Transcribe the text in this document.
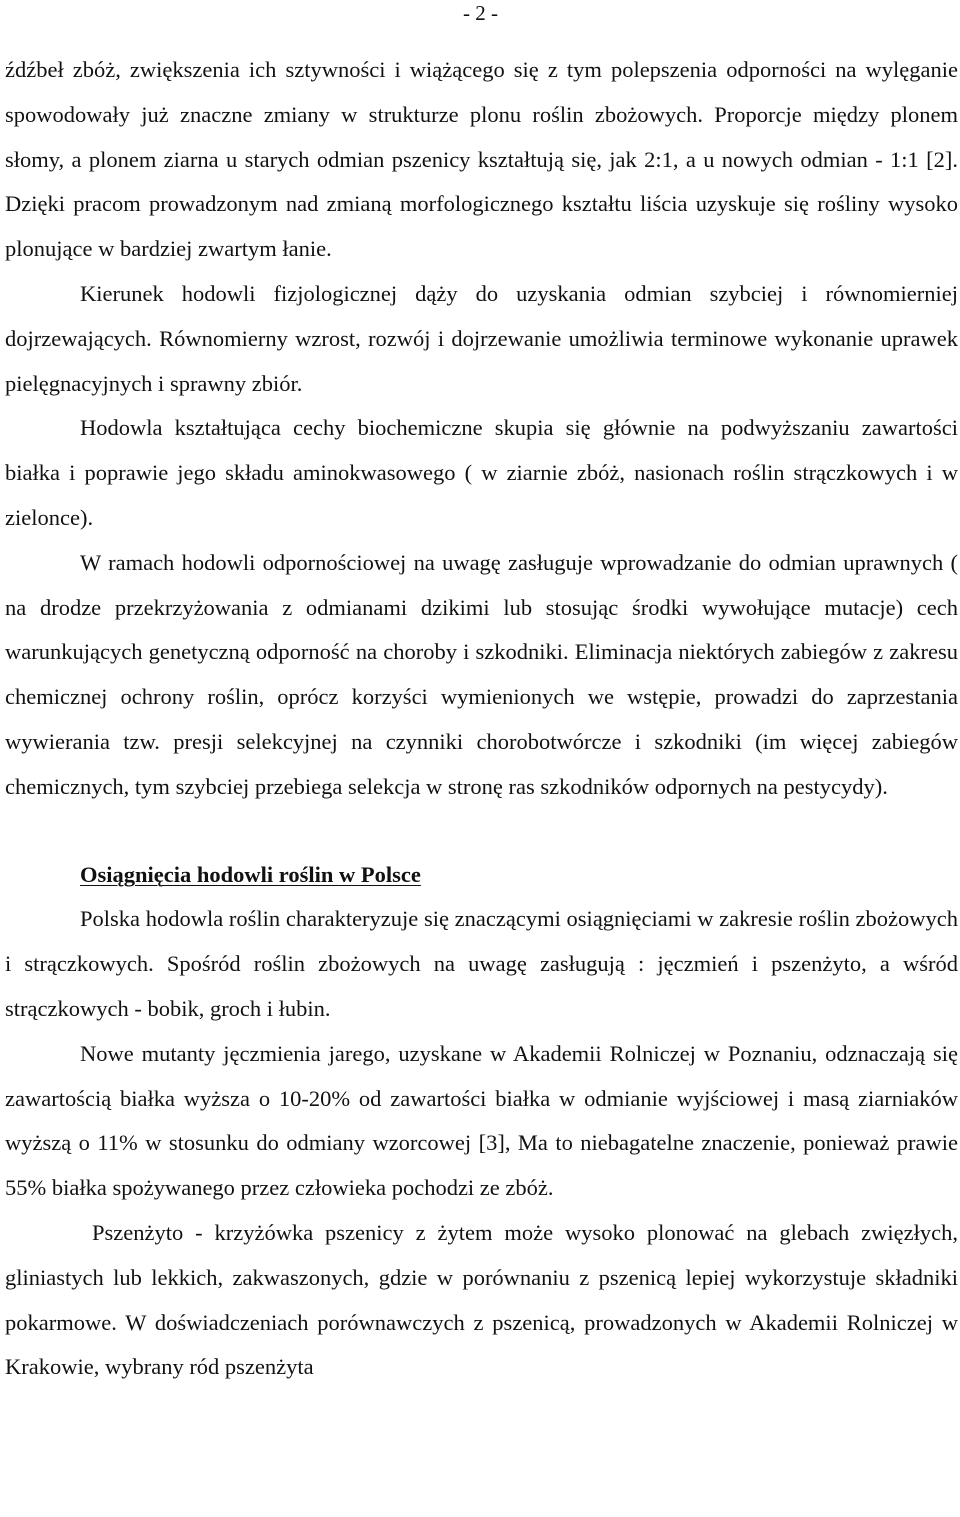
- 2 -

źdźbeł zbóż, zwiększenia ich sztywności i wiążącego się z tym polepszenia odporności na wylęganie spowodowały już znaczne zmiany w strukturze plonu roślin zbożowych. Proporcje między plonem słomy, a plonem ziarna u starych odmian pszenicy kształtują się, jak 2:1, a u nowych odmian - 1:1 [2]. Dzięki pracom prowadzonym nad zmianą morfologicznego kształtu liścia uzyskuje się rośliny wysoko plonujące w bardziej zwartym łanie.

Kierunek hodowli fizjologicznej dąży do uzyskania odmian szybciej i równomierniej dojrzewających. Równomierny wzrost, rozwój i dojrzewanie umożliwia terminowe wykonanie uprawek pielęgnacyjnych i sprawny zbiór.

Hodowla kształtująca cechy biochemiczne skupia się głównie na podwyższaniu zawartości białka i poprawie jego składu aminokwasowego ( w ziarnie zbóż, nasionach roślin strączkowych i w zielonce).

W ramach hodowli odpornościowej na uwagę zasługuje wprowadzanie do odmian uprawnych ( na drodze przekrzyżowania z odmianami dzikimi lub stosując środki wywołujące mutacje) cech warunkujących genetyczną odporność na choroby i szkodniki. Eliminacja niektórych zabiegów z zakresu chemicznej ochrony roślin, oprócz korzyści wymienionych we wstępie, prowadzi do zaprzestania wywierania tzw. presji selekcyjnej na czynniki chorobotwórcze i szkodniki (im więcej zabiegów chemicznych, tym szybciej przebiega selekcja w stronę ras szkodników odpornych na pestycydy).

Osiągnięcia hodowli roślin w Polsce

Polska hodowla roślin charakteryzuje się znaczącymi osiągnięciami w zakresie roślin zbożowych i strączkowych. Spośród roślin zbożowych na uwagę zasługują : jęczmień i pszenżyto, a wśród strączkowych - bobik, groch i łubin.

Nowe mutanty jęczmienia jarego, uzyskane w Akademii Rolniczej w Poznaniu, odznaczają się zawartością białka wyższa o 10-20% od zawartości białka w odmianie wyjściowej i masą ziarniaków wyższą o 11% w stosunku do odmiany wzorcowej [3], Ma to niebagatelne znaczenie, ponieważ prawie 55% białka spożywanego przez człowieka pochodzi ze zbóż.

Pszenżyto - krzyżówka pszenicy z żytem może wysoko plonować na glebach zwięzłych, gliniastych lub lekkich, zakwaszonych, gdzie w porównaniu z pszenicą lepiej wykorzystuje składniki pokarmowe. W doświadczeniach porównawczych z pszenicą, prowadzonych w Akademii Rolniczej w Krakowie, wybrany ród pszenżyta
